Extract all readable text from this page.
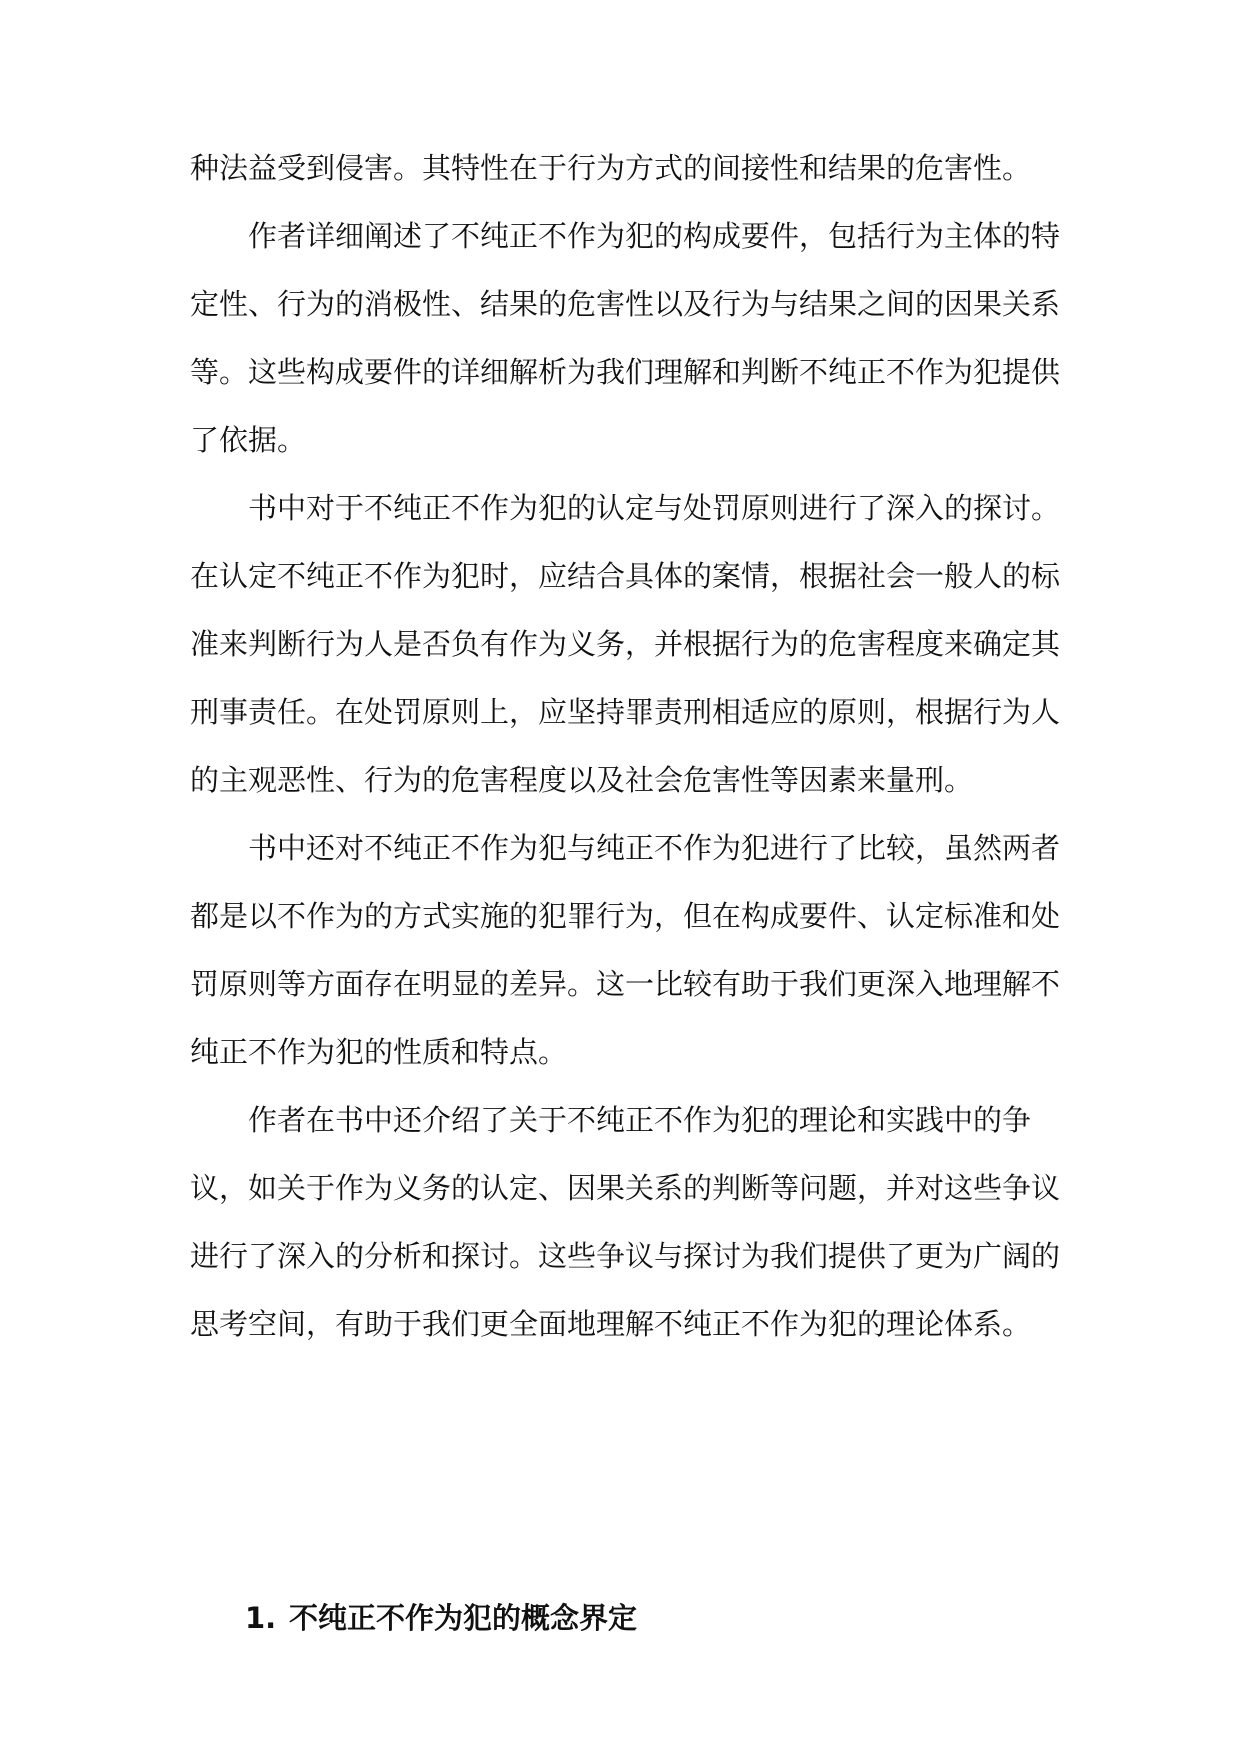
种法益受到侵害。其特性在于行为方式的间接性和结果的危害性。
作者详细阐述了不纯正不作为犯的构成要件，包括行为主体的特
定性、行为的消极性、结果的危害性以及行为与结果之间的因果关系
等。这些构成要件的详细解析为我们理解和判断不纯正不作为犯提供
了依据。
书中对于不纯正不作为犯的认定与处罚原则进行了深入的探讨。
在认定不纯正不作为犯时，应结合具体的案情，根据社会一般人的标
准来判断行为人是否负有作为义务，并根据行为的危害程度来确定其
刑事责任。在处罚原则上，应坚持罪责刑相适应的原则，根据行为人
的主观恶性、行为的危害程度以及社会危害性等因素来量刑。
书中还对不纯正不作为犯与纯正不作为犯进行了比较，虽然两者
都是以不作为的方式实施的犯罪行为，但在构成要件、认定标准和处
罚原则等方面存在明显的差异。这一比较有助于我们更深入地理解不
纯正不作为犯的性质和特点。
作者在书中还介绍了关于不纯正不作为犯的理论和实践中的争
议，如关于作为义务的认定、因果关系的判断等问题，并对这些争议
进行了深入的分析和探讨。这些争议与探讨为我们提供了更为广阔的
思考空间，有助于我们更全面地理解不纯正不作为犯的理论体系。
1. 不纯正不作为犯的概念界定
